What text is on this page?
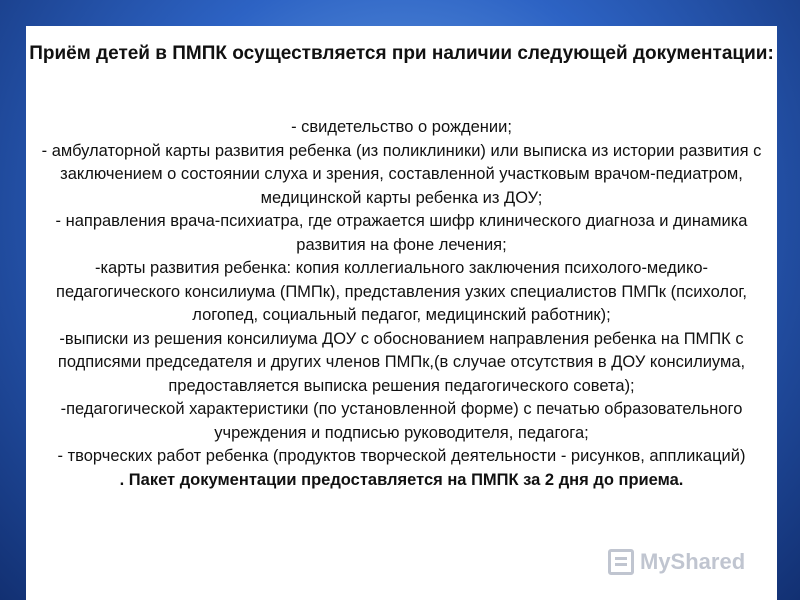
Приём детей в ПМПК осуществляется при наличии следующей документации:

- свидетельство о рождении;

- амбулаторной карты развития ребенка (из поликлиники) или выписка из истории развития с заключением о состоянии слуха и зрения, составленной участковым врачом-педиатром, медицинской карты ребенка из ДОУ;

- направления врача-психиатра, где отражается шифр клинического диагноза и динамика развития на фоне лечения;

-карты развития ребенка: копия коллегиального заключения психолого-медико-педагогического консилиума (ПМПк), представления узких специалистов ПМПк (психолог, логопед, социальный педагог, медицинский работник);

-выписки из решения консилиума ДОУ с обоснованием направления ребенка на ПМПК с подписями председателя и других членов ПМПк,(в случае отсутствия в ДОУ консилиума, предоставляется выписка решения педагогического совета);

-педагогической характеристики (по установленной форме) с печатью образовательного учреждения и подписью руководителя, педагога;

- творческих работ ребенка (продуктов творческой деятельности - рисунков, аппликаций)

. Пакет документации предоставляется на ПМПК за 2 дня до приема.

MyShared
